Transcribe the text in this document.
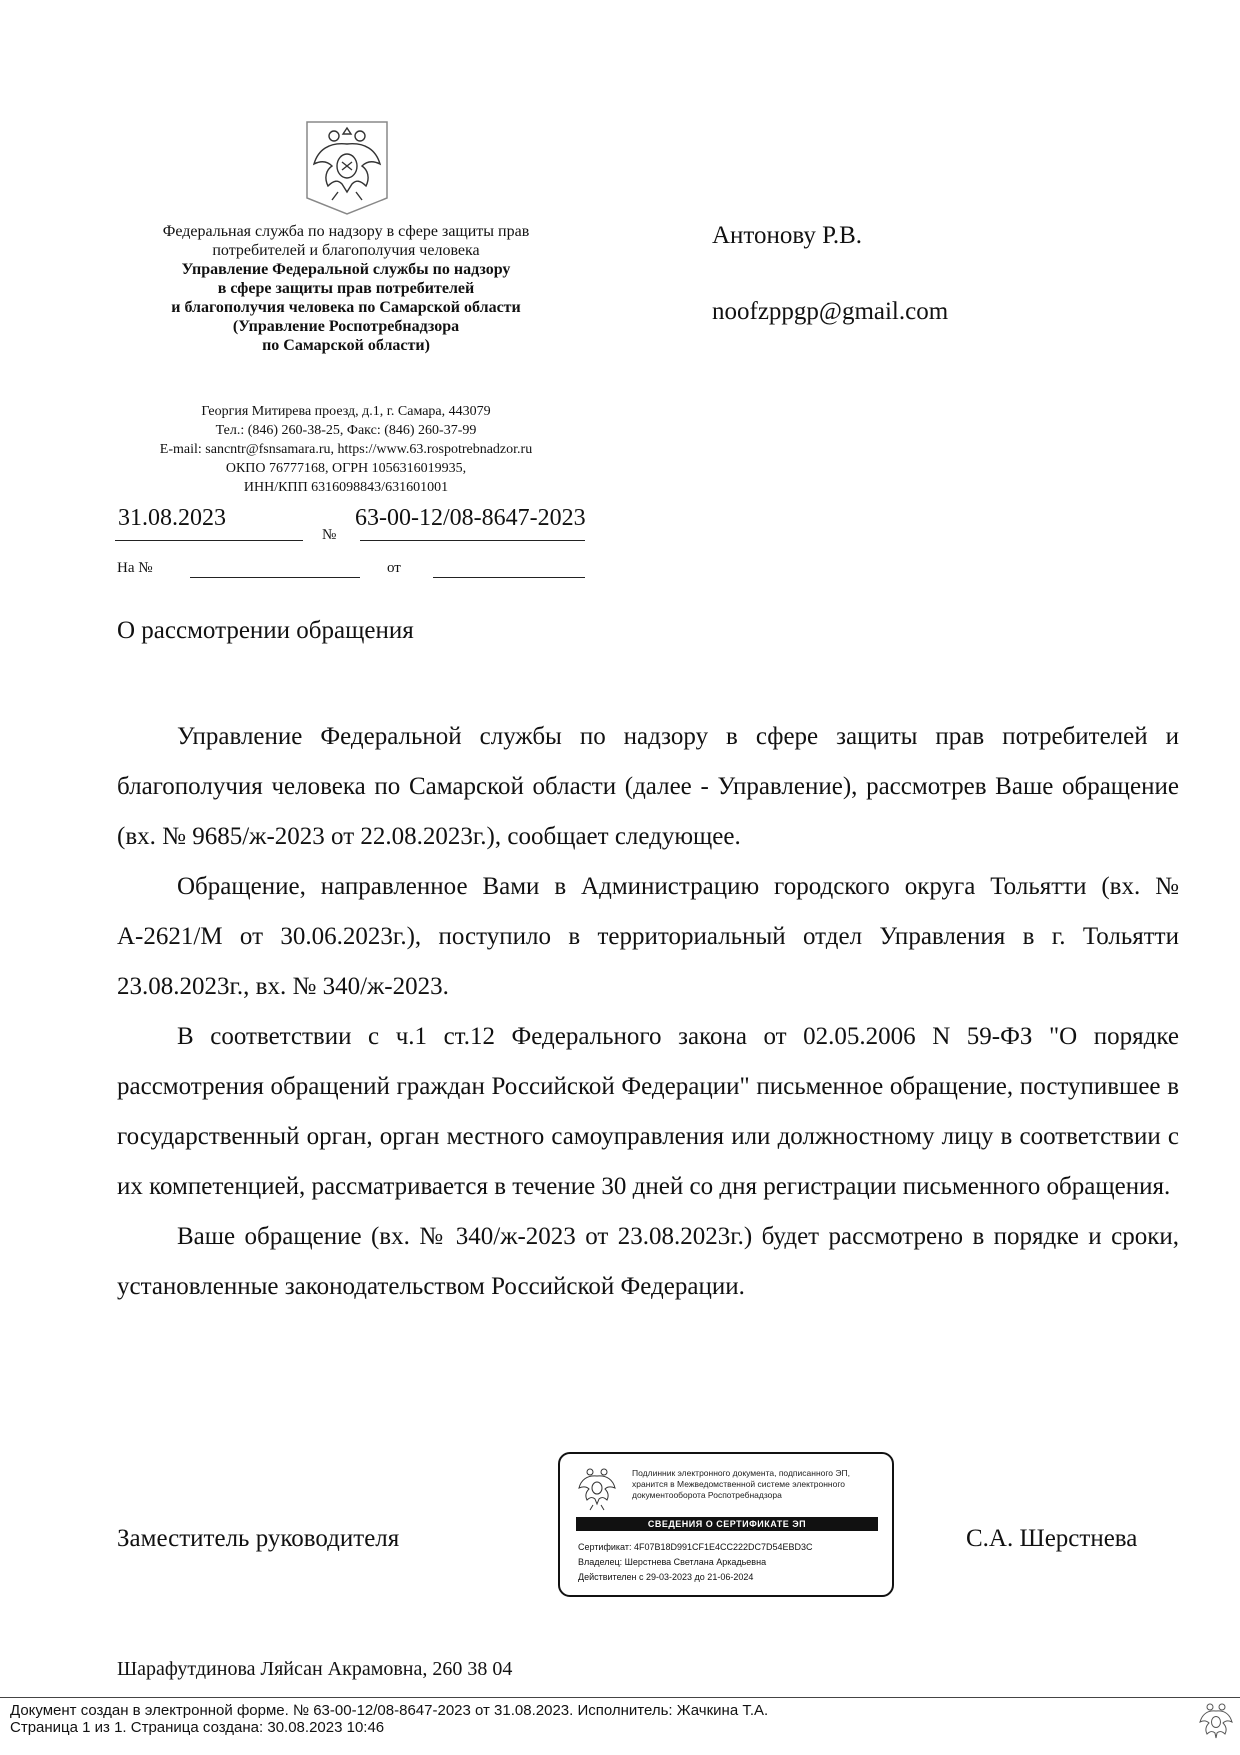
Федеральная служба по надзору в сфере защиты прав
потребителей и благополучия человека
Управление Федеральной службы по надзору
в сфере защиты прав потребителей
и благополучия человека по Самарской области
(Управление Роспотребнадзора
по Самарской области)
Георгия Митирева проезд, д.1, г. Самара, 443079
Тел.: (846) 260-38-25, Факс: (846) 260-37-99
E-mail: sancntr@fsnsamara.ru, https://www.63.rospotrebnadzor.ru
ОКПО 76777168, ОГРН 1056316019935,
ИНН/КПП 6316098843/631601001
31.08.2023
№
63-00-12/08-8647-2023
На №	от
Антонову Р.В.
noofzppgp@gmail.com
О рассмотрении обращения

Управление Федеральной службы по надзору в сфере защиты прав потребителей и благополучия человека по Самарской области (далее - Управление), рассмотрев Ваше обращение (вх. № 9685/ж-2023 от 22.08.2023г.), сообщает следующее.

Обращение, направленное Вами в Администрацию городского округа Тольятти (вх. № А-2621/М от 30.06.2023г.), поступило в территориальный отдел Управления в г. Тольятти 23.08.2023г., вх. № 340/ж-2023.

В соответствии с ч.1 ст.12 Федерального закона от 02.05.2006 N 59-ФЗ "О порядке рассмотрения обращений граждан Российской Федерации" письменное обращение, поступившее в государственный орган, орган местного самоуправления или должностному лицу в соответствии с их компетенцией, рассматривается в течение 30 дней со дня регистрации письменного обращения.

Ваше обращение (вх. № 340/ж-2023 от 23.08.2023г.) будет рассмотрено в порядке и сроки, установленные законодательством Российской Федерации.

Заместитель руководителя	С.А. Шерстнева
Подлинник электронного документа, подписанного ЭП,
хранится в Межведомственной системе электронного
документооборота Роспотребнадзора
СВЕДЕНИЯ О СЕРТИФИКАТЕ ЭП
Сертификат: 4F07B18D991CF1E4CC222DC7D54EBD3C
Владелец: Шерстнева Светлана Аркадьевна
Действителен с 29-03-2023 до 21-06-2024
Шарафутдинова Ляйсан Акрамовна, 260 38 04
Документ создан в электронной форме. № 63-00-12/08-8647-2023 от 31.08.2023. Исполнитель: Жачкина Т.А.
Страница 1 из 1. Страница создана: 30.08.2023 10:46
